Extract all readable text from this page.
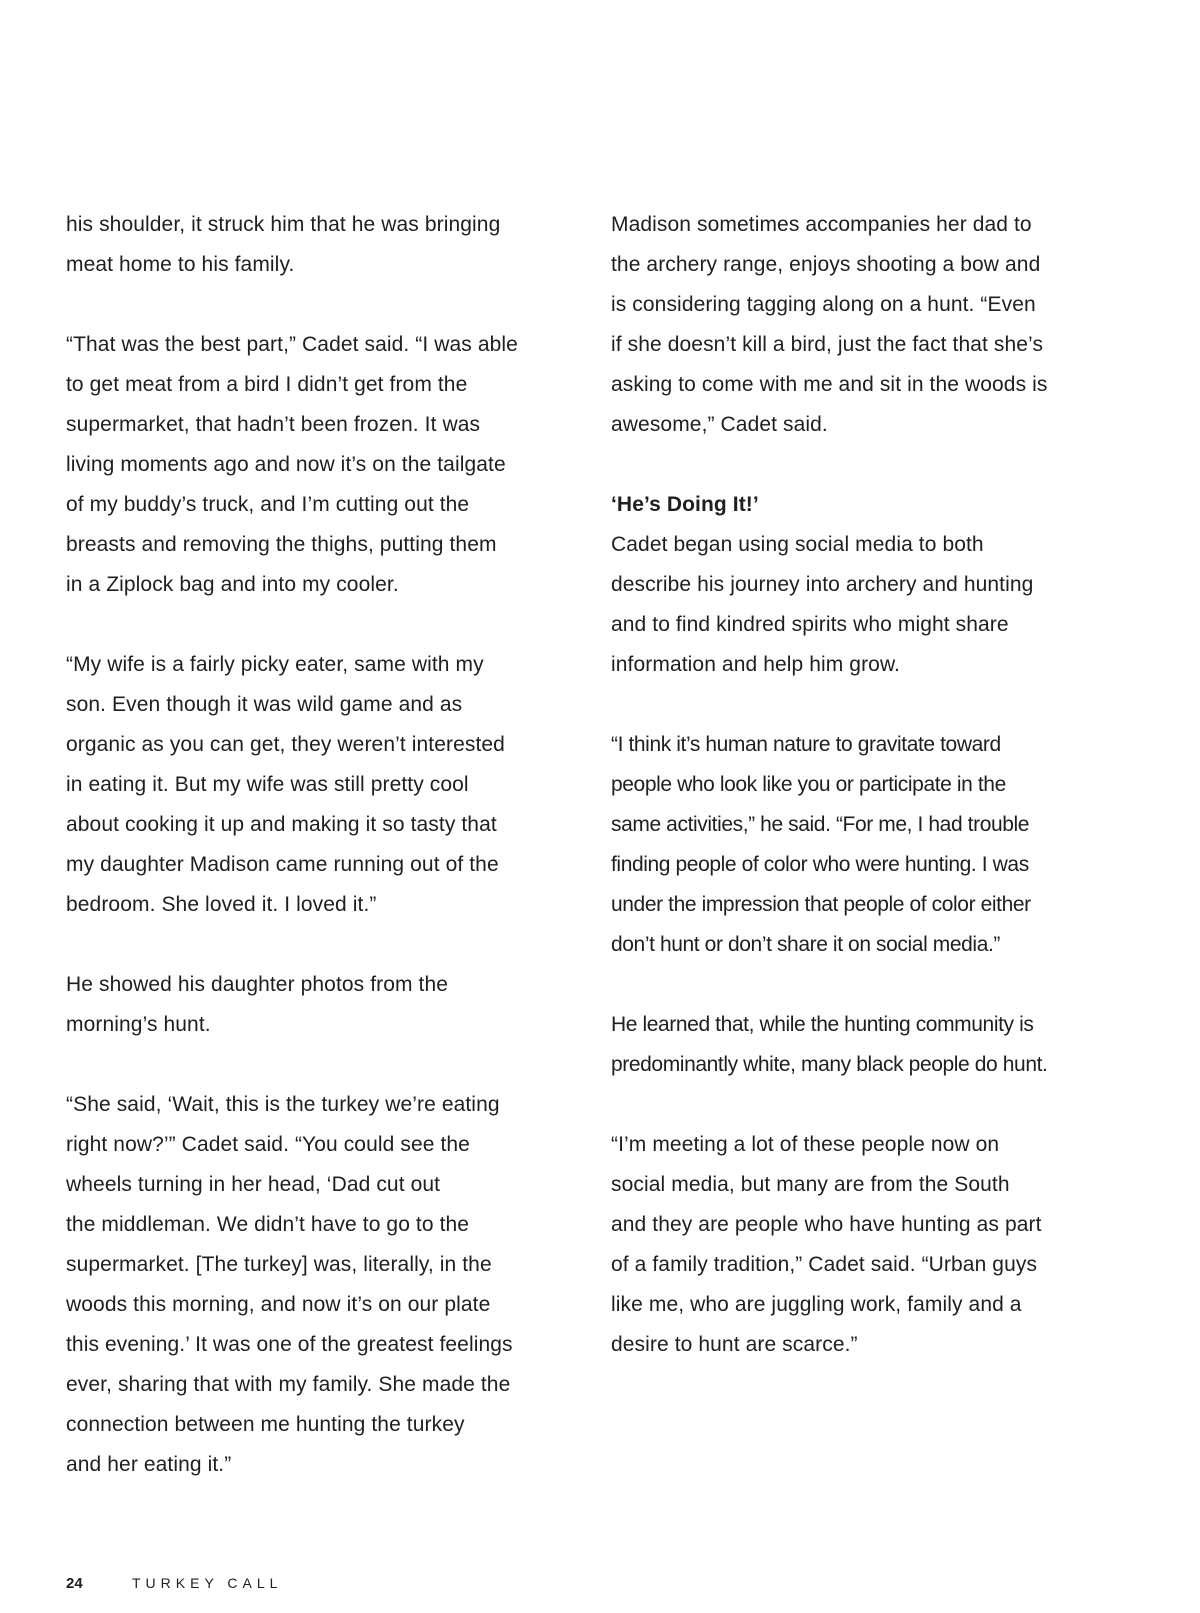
his shoulder, it struck him that he was bringing
meat home to his family.

“That was the best part,” Cadet said. “I was able
to get meat from a bird I didn’t get from the
supermarket, that hadn’t been frozen. It was
living moments ago and now it’s on the tailgate
of my buddy’s truck, and I’m cutting out the
breasts and removing the thighs, putting them
in a Ziplock bag and into my cooler.

“My wife is a fairly picky eater, same with my
son. Even though it was wild game and as
organic as you can get, they weren’t interested
in eating it. But my wife was still pretty cool
about cooking it up and making it so tasty that
my daughter Madison came running out of the
bedroom. She loved it. I loved it.”

He showed his daughter photos from the
morning’s hunt.

“She said, ‘Wait, this is the turkey we’re eating
right now?’” Cadet said. “You could see the
wheels turning in her head, ‘Dad cut out
the middleman. We didn’t have to go to the
supermarket. [The turkey] was, literally, in the
woods this morning, and now it’s on our plate
this evening.’ It was one of the greatest feelings
ever, sharing that with my family. She made the
connection between me hunting the turkey
and her eating it.”

Madison sometimes accompanies her dad to
the archery range, enjoys shooting a bow and
is considering tagging along on a hunt. “Even
if she doesn’t kill a bird, just the fact that she’s
asking to come with me and sit in the woods is
awesome,” Cadet said.

‘He’s Doing It!’

Cadet began using social media to both
describe his journey into archery and hunting
and to find kindred spirits who might share
information and help him grow.

“I think it’s human nature to gravitate toward
people who look like you or participate in the
same activities,” he said. “For me, I had trouble
finding people of color who were hunting. I was
under the impression that people of color either
don’t hunt or don’t share it on social media.”

He learned that, while the hunting community is
predominantly white, many black people do hunt.

“I’m meeting a lot of these people now on
social media, but many are from the South
and they are people who have hunting as part
of a family tradition,” Cadet said. “Urban guys
like me, who are juggling work, family and a
desire to hunt are scarce.”

24	TURKEY CALL
